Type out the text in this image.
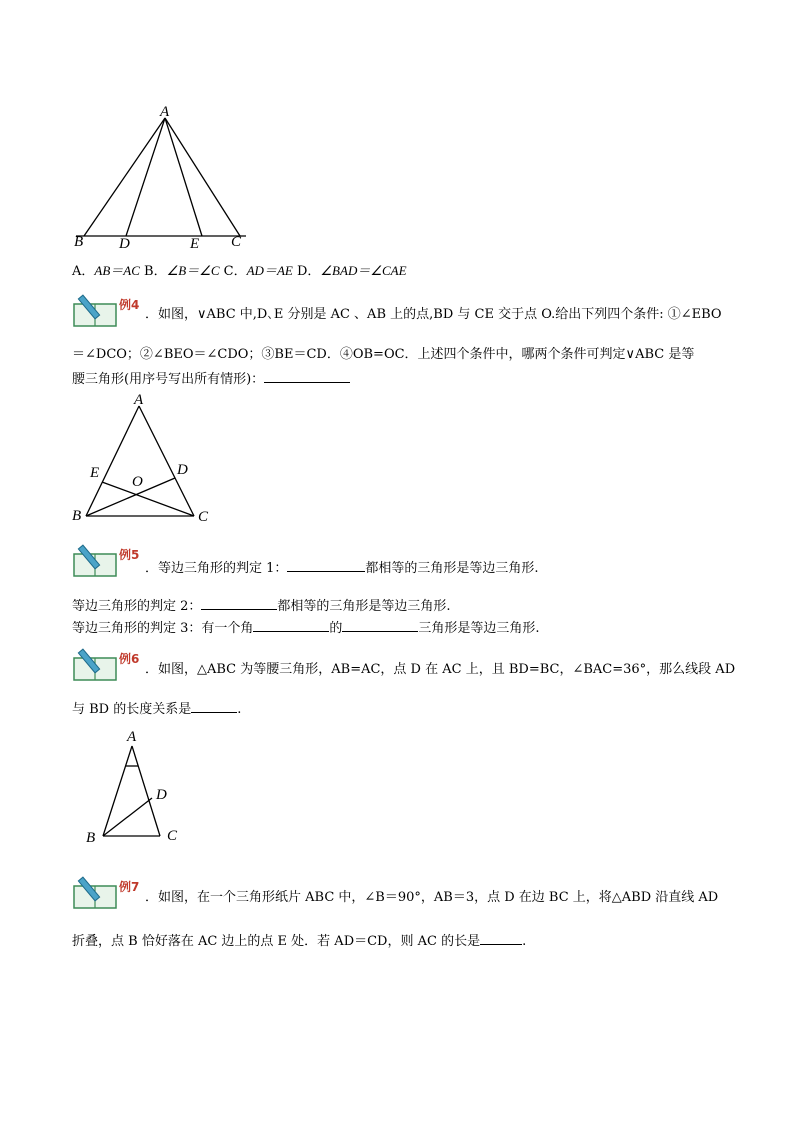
A
B D	E C
A．AB＝AC B．∠B＝∠C C．AD＝AE D．∠BAD＝∠CAE
例4
．如图，∨ABC 中,D､E 分别是 AC 、AB 上的点,BD 与 CE 交于点 O.给出下列四个条件: ①∠EBO
＝∠DCO；②∠BEO＝∠CDO；③BE＝CD．④OB=OC．上述四个条件中，哪两个条件可判定∨ABC 是等
腰三角形(用序号写出所有情形)：
A
E	D
O
B	C
例5
．等边三角形的判定 1：	都相等的三角形是等边三角形.
等边三角形的判定 2：	都相等的三角形是等边三角形.
等边三角形的判定 3：有一个角	的	三角形是等边三角形.
例6
．如图，△ABC 为等腰三角形，AB=AC，点 D 在 AC 上，且 BD=BC，∠BAC=36°，那么线段 AD
与 BD 的长度关系是	.
A
D
B	C
例7
．如图，在一个三角形纸片 ABC 中，∠B＝90°，AB＝3，点 D 在边 BC 上，将△ABD 沿直线 AD
折叠，点 B 恰好落在 AC 边上的点 E 处．若 AD＝CD，则 AC 的长是	.
